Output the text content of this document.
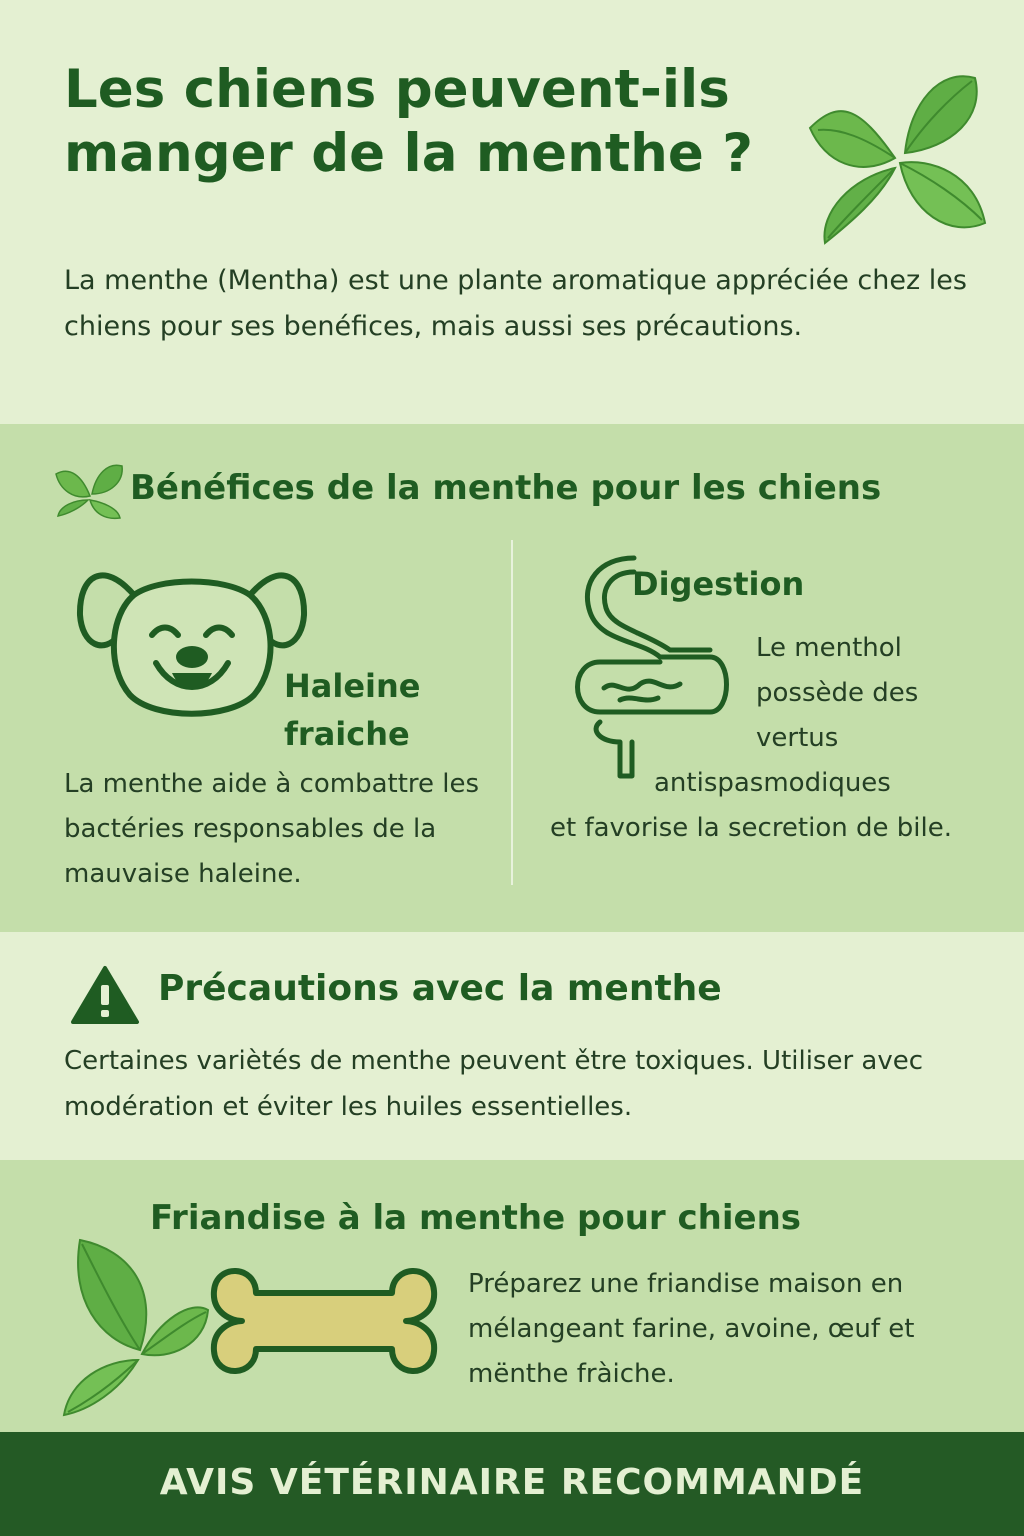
Les chiens peuvent-ils manger de la menthe ?

La menthe (Mentha) est une plante aromatique appréciée chez les chiens pour ses benéfices, mais aussi ses précautions.

Bénéfices de la menthe pour les chiens
Haleine fraiche

La menthe aide à combattre les bactéries responsables de la mauvaise haleine.

Digestion

Le menthol possède des vertus

antispasmodiques

et favorise la secretion de bile.

Précautions avec la menthe

Certaines variètés de menthe peuvent ětre toxiques. Utiliser avec modération et éviter les huiles essentielles.

Friandise à la menthe pour chiens

Préparez une friandise maison en mélangeant farine, avoine, œuf et mënthe fràiche.

AVIS VÉTÉRINAIRE RECOMMANDÉ
